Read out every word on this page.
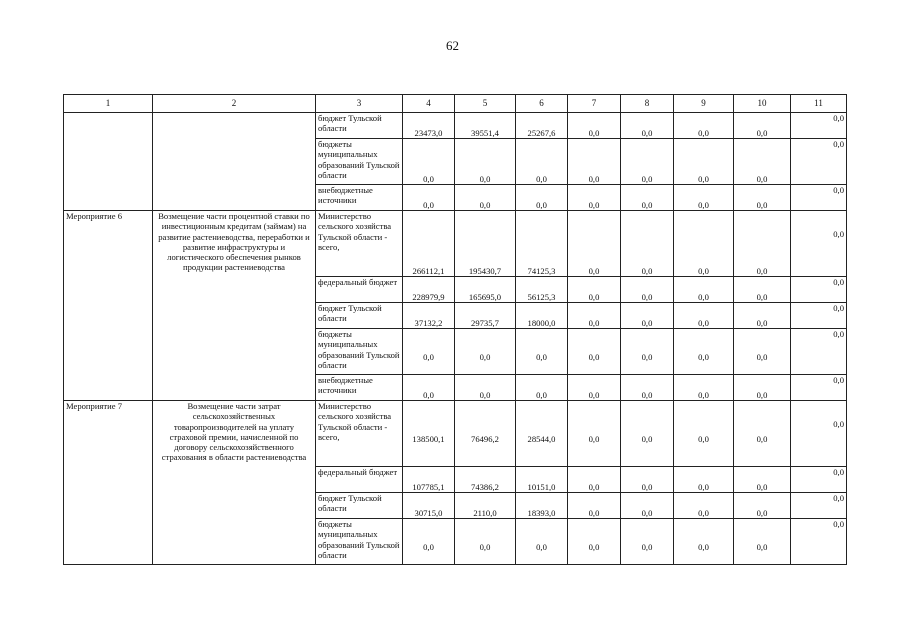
62
1	2	3	4	5	6	7	8	9	10	11
		бюджет Тульской области	23473,0	39551,4	25267,6	0,0	0,0	0,0	0,0	0,0
		бюджеты муниципальных образований Тульской области	0,0	0,0	0,0	0,0	0,0	0,0	0,0	0,0
		внебюджетные источники	0,0	0,0	0,0	0,0	0,0	0,0	0,0	0,0
Мероприятие 6	Возмещение части процентной ставки по инвестиционным кредитам (займам) на развитие растениеводства, переработки и развитие инфраструктуры и логистического обеспечения рынков продукции растениеводства	Министерство сельского хозяйства Тульской области - всего,	266112,1	195430,7	74125,3	0,0	0,0	0,0	0,0	0,0
		федеральный бюджет	228979,9	165695,0	56125,3	0,0	0,0	0,0	0,0	0,0
		бюджет Тульской области	37132,2	29735,7	18000,0	0,0	0,0	0,0	0,0	0,0
		бюджеты муниципальных образований Тульской области	0,0	0,0	0,0	0,0	0,0	0,0	0,0	0,0
		внебюджетные источники	0,0	0,0	0,0	0,0	0,0	0,0	0,0	0,0
Мероприятие 7	Возмещение части затрат сельскохозяйственных товаропроизводителей на уплату страховой премии, начисленной по договору сельскохозяйственного страхования в области растениеводства	Министерство сельского хозяйства Тульской области - всего,	138500,1	76496,2	28544,0	0,0	0,0	0,0	0,0	0,0
		федеральный бюджет	107785,1	74386,2	10151,0	0,0	0,0	0,0	0,0	0,0
		бюджет Тульской области	30715,0	2110,0	18393,0	0,0	0,0	0,0	0,0	0,0
		бюджеты муниципальных образований Тульской области	0,0	0,0	0,0	0,0	0,0	0,0	0,0	0,0
